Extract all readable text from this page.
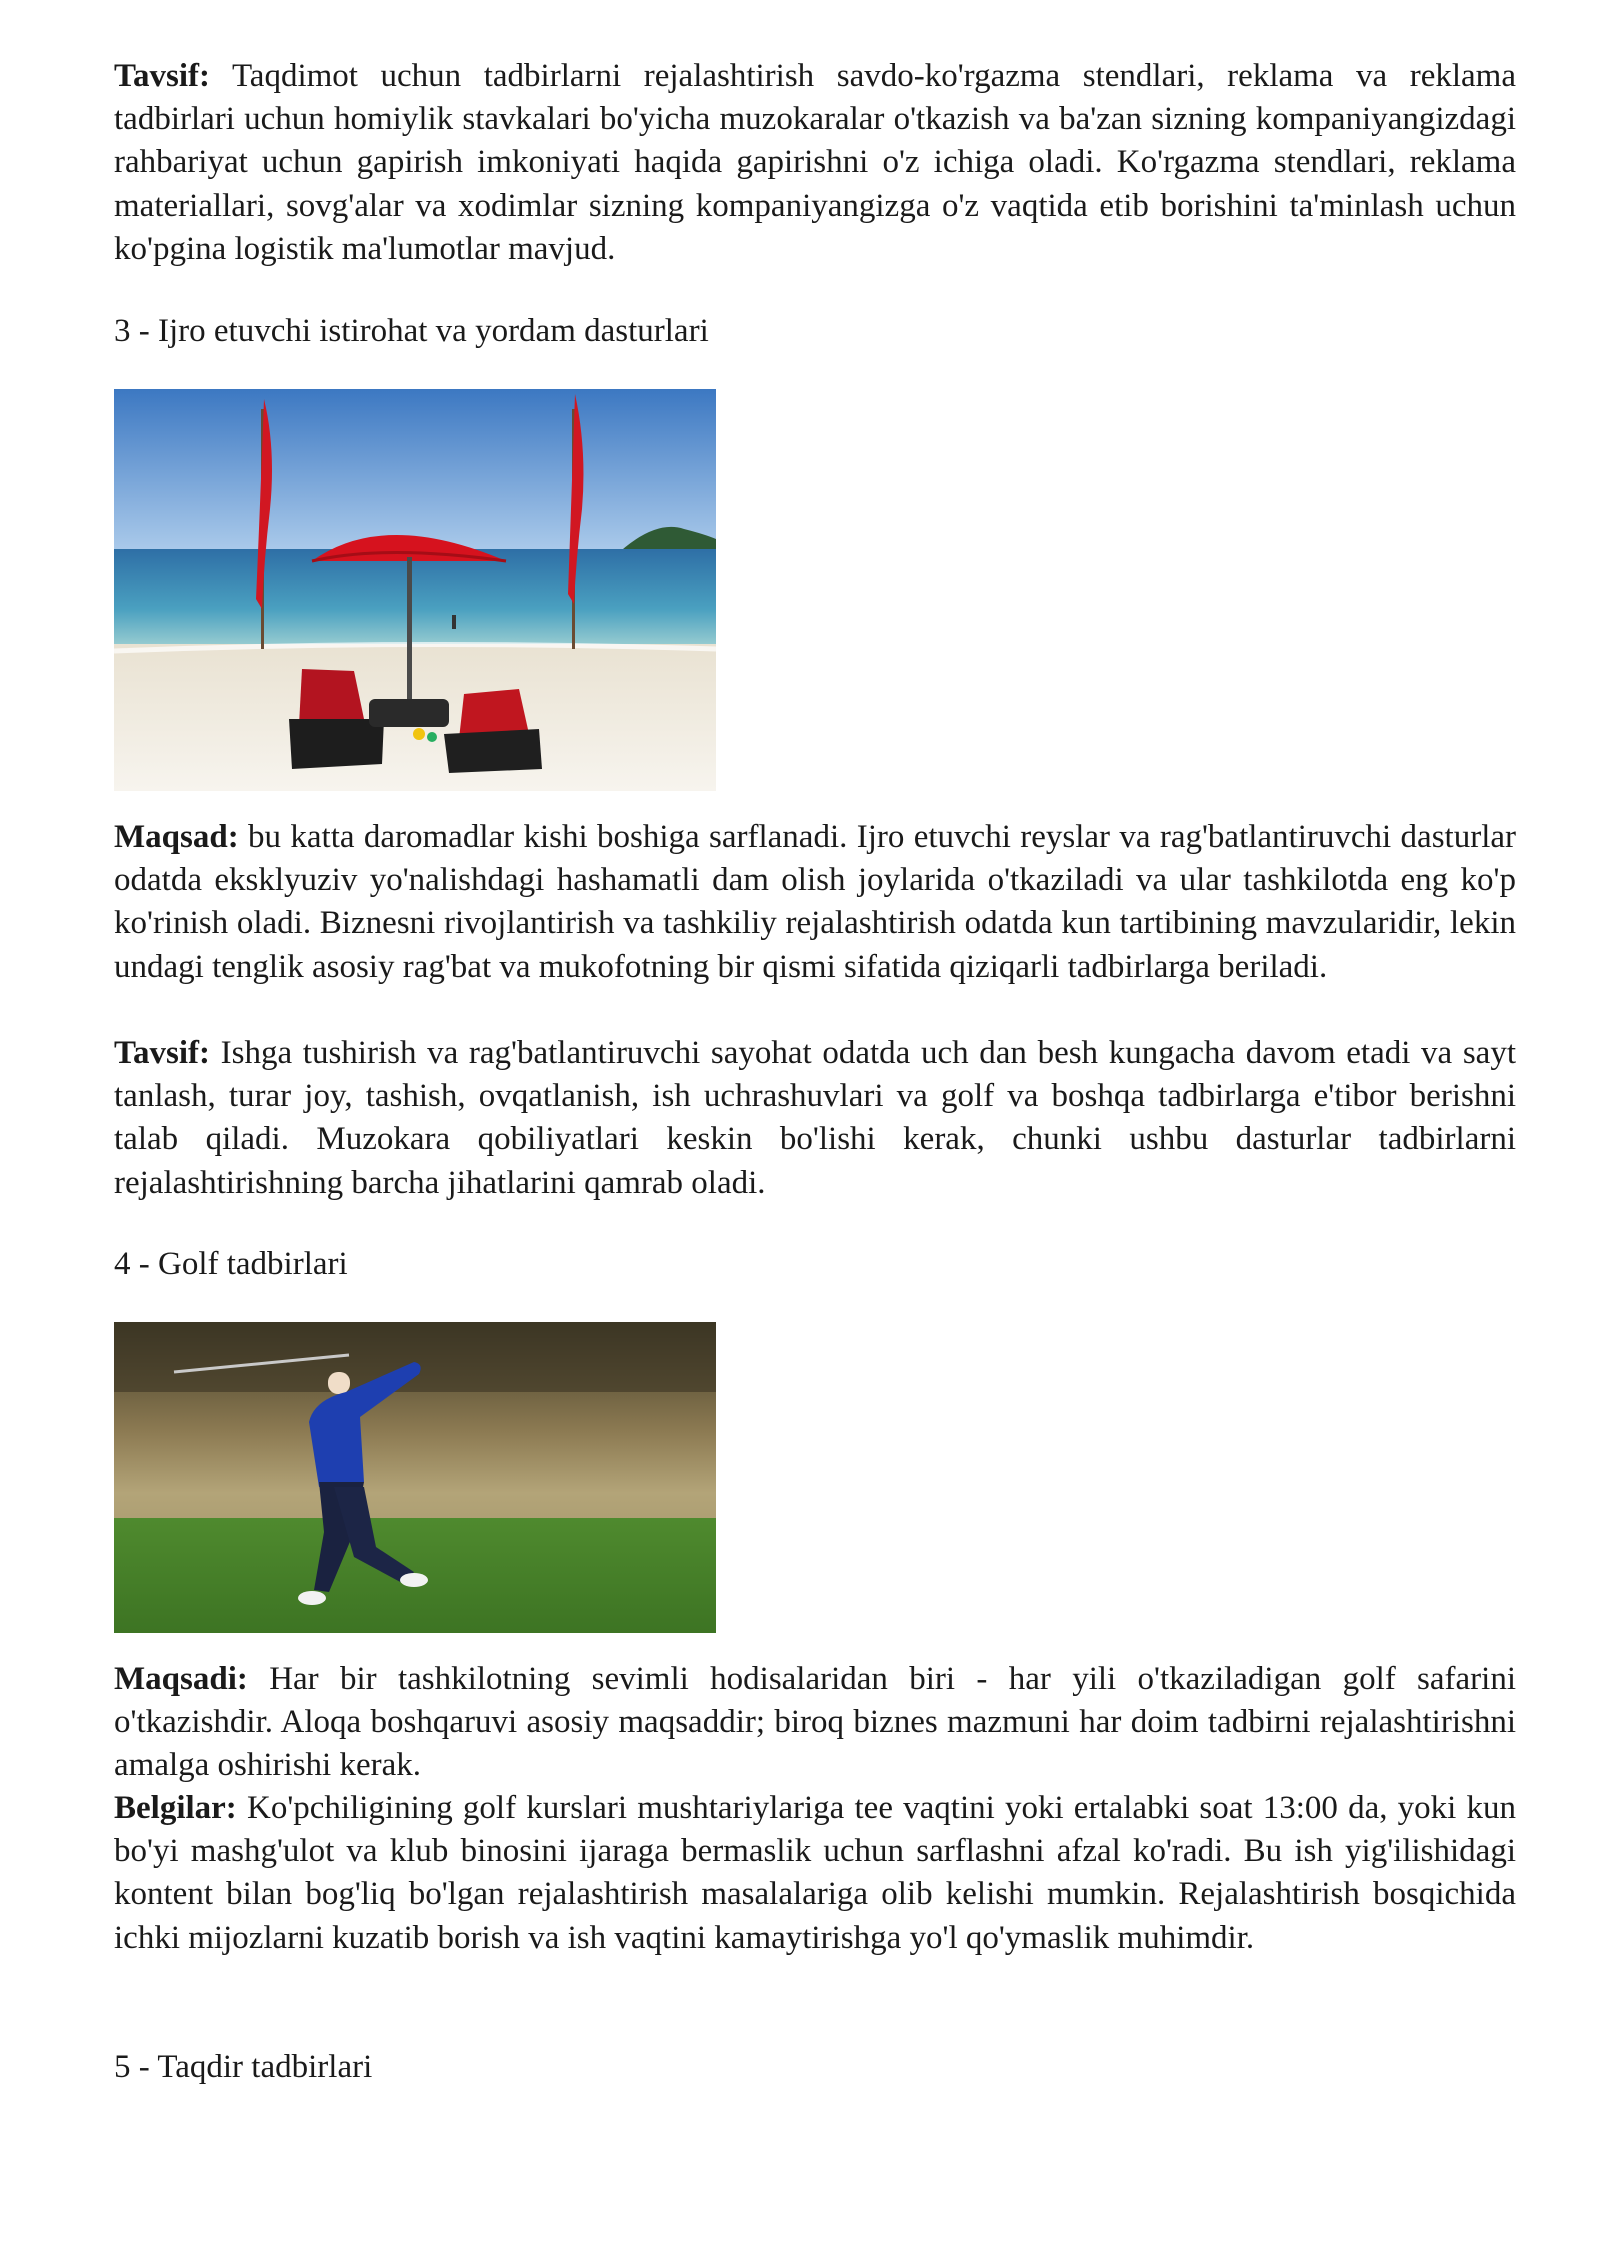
Tavsif: Taqdimot uchun tadbirlarni rejalashtirish savdo-ko'rgazma stendlari, reklama va reklama tadbirlari uchun homiylik stavkalari bo'yicha muzokaralar o'tkazish va ba'zan sizning kompaniyangizdagi rahbariyat uchun gapirish imkoniyati haqida gapirishni o'z ichiga oladi. Ko'rgazma stendlari, reklama materiallari, sovg'alar va xodimlar sizning kompaniyangizga o'z vaqtida etib borishini ta'minlash uchun ko'pgina logistik ma'lumotlar mavjud.

3 - Ijro etuvchi istirohat va yordam dasturlari

Maqsad: bu katta daromadlar kishi boshiga sarflanadi. Ijro etuvchi reyslar va rag'batlantiruvchi dasturlar odatda eksklyuziv yo'nalishdagi hashamatli dam olish joylarida o'tkaziladi va ular tashkilotda eng ko'p ko'rinish oladi. Biznesni rivojlantirish va tashkiliy rejalashtirish odatda kun tartibining mavzularidir, lekin undagi tenglik asosiy rag'bat va mukofotning bir qismi sifatida qiziqarli tadbirlarga beriladi.

Tavsif: Ishga tushirish va rag'batlantiruvchi sayohat odatda uch dan besh kungacha davom etadi va sayt tanlash, turar joy, tashish, ovqatlanish, ish uchrashuvlari va golf va boshqa tadbirlarga e'tibor berishni talab qiladi. Muzokara qobiliyatlari keskin bo'lishi kerak, chunki ushbu dasturlar tadbirlarni rejalashtirishning barcha jihatlarini qamrab oladi.

4 - Golf tadbirlari

Maqsadi: Har bir tashkilotning sevimli hodisalaridan biri - har yili o'tkaziladigan golf safarini o'tkazishdir. Aloqa boshqaruvi asosiy maqsaddir; biroq biznes mazmuni har doim tadbirni rejalashtirishni amalga oshirishi kerak.

Belgilar: Ko'pchiligining golf kurslari mushtariylariga tee vaqtini yoki ertalabki soat 13:00 da, yoki kun bo'yi mashg'ulot va klub binosini ijaraga bermaslik uchun sarflashni afzal ko'radi. Bu ish yig'ilishidagi kontent bilan bog'liq bo'lgan rejalashtirish masalalariga olib kelishi mumkin. Rejalashtirish bosqichida ichki mijozlarni kuzatib borish va ish vaqtini kamaytirishga yo'l qo'ymaslik muhimdir.

5 - Taqdir tadbirlari
